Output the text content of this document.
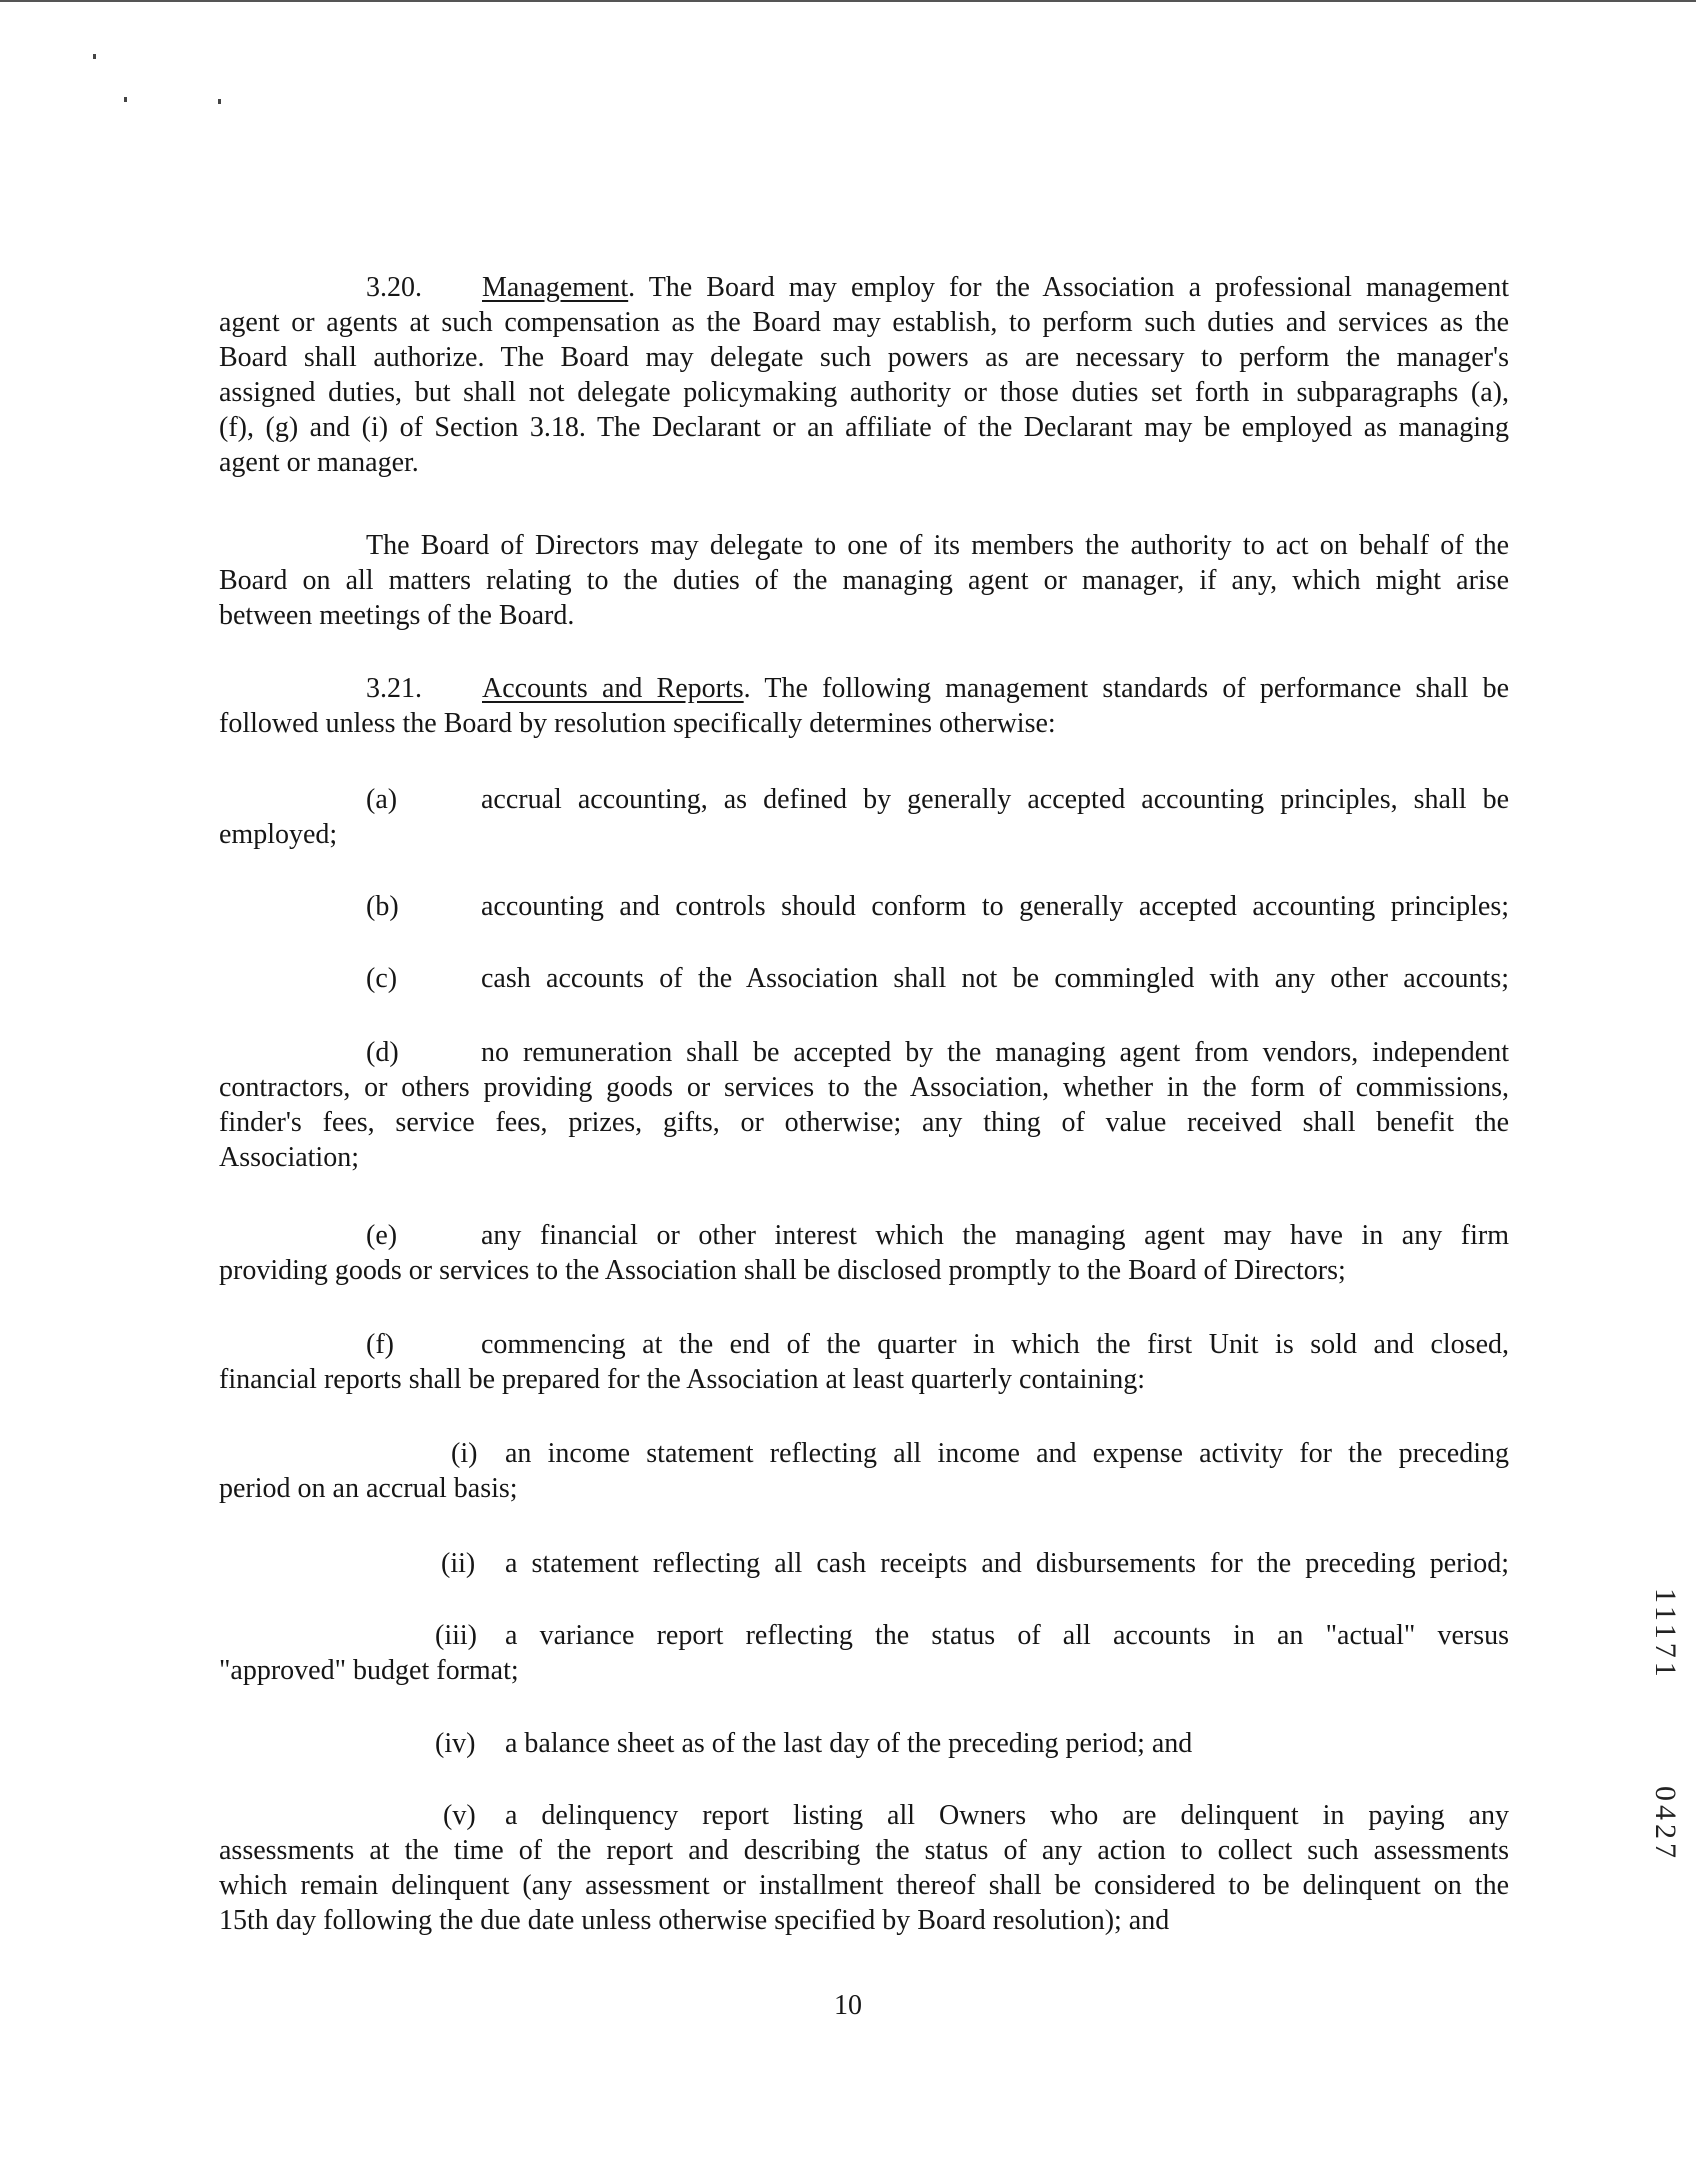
3.20. Management. The Board may employ for the Association a professional management
agent or agents at such compensation as the Board may establish, to perform such duties and services as the
Board shall authorize. The Board may delegate such powers as are necessary to perform the manager's
assigned duties, but shall not delegate policymaking authority or those duties set forth in subparagraphs (a),
(f), (g) and (i) of Section 3.18. The Declarant or an affiliate of the Declarant may be employed as managing
agent or manager.
The Board of Directors may delegate to one of its members the authority to act on behalf of the
Board on all matters relating to the duties of the managing agent or manager, if any, which might arise
between meetings of the Board.
3.21. Accounts and Reports. The following management standards of performance shall be
followed unless the Board by resolution specifically determines otherwise:
(a)	accrual accounting, as defined by generally accepted accounting principles, shall be
employed;
(b)	accounting and controls should conform to generally accepted accounting principles;
(c)	cash accounts of the Association shall not be commingled with any other accounts;
(d)	no remuneration shall be accepted by the managing agent from vendors, independent
contractors, or others providing goods or services to the Association, whether in the form of commissions,
finder's fees, service fees, prizes, gifts, or otherwise; any thing of value received shall benefit the
Association;
(e)	any financial or other interest which the managing agent may have in any firm
providing goods or services to the Association shall be disclosed promptly to the Board of Directors;
(f)	commencing at the end of the quarter in which the first Unit is sold and closed,
financial reports shall be prepared for the Association at least quarterly containing:
(i) an income statement reflecting all income and expense activity for the preceding
period on an accrual basis;
(ii) a statement reflecting all cash receipts and disbursements for the preceding period;
(iii) a variance report reflecting the status of all accounts in an "actual" versus
"approved" budget format;
(iv) a balance sheet as of the last day of the preceding period; and
(v) a delinquency report listing all Owners who are delinquent in paying any
assessments at the time of the report and describing the status of any action to collect such assessments
which remain delinquent (any assessment or installment thereof shall be considered to be delinquent on the
15th day following the due date unless otherwise specified by Board resolution); and
10
11171
0427
